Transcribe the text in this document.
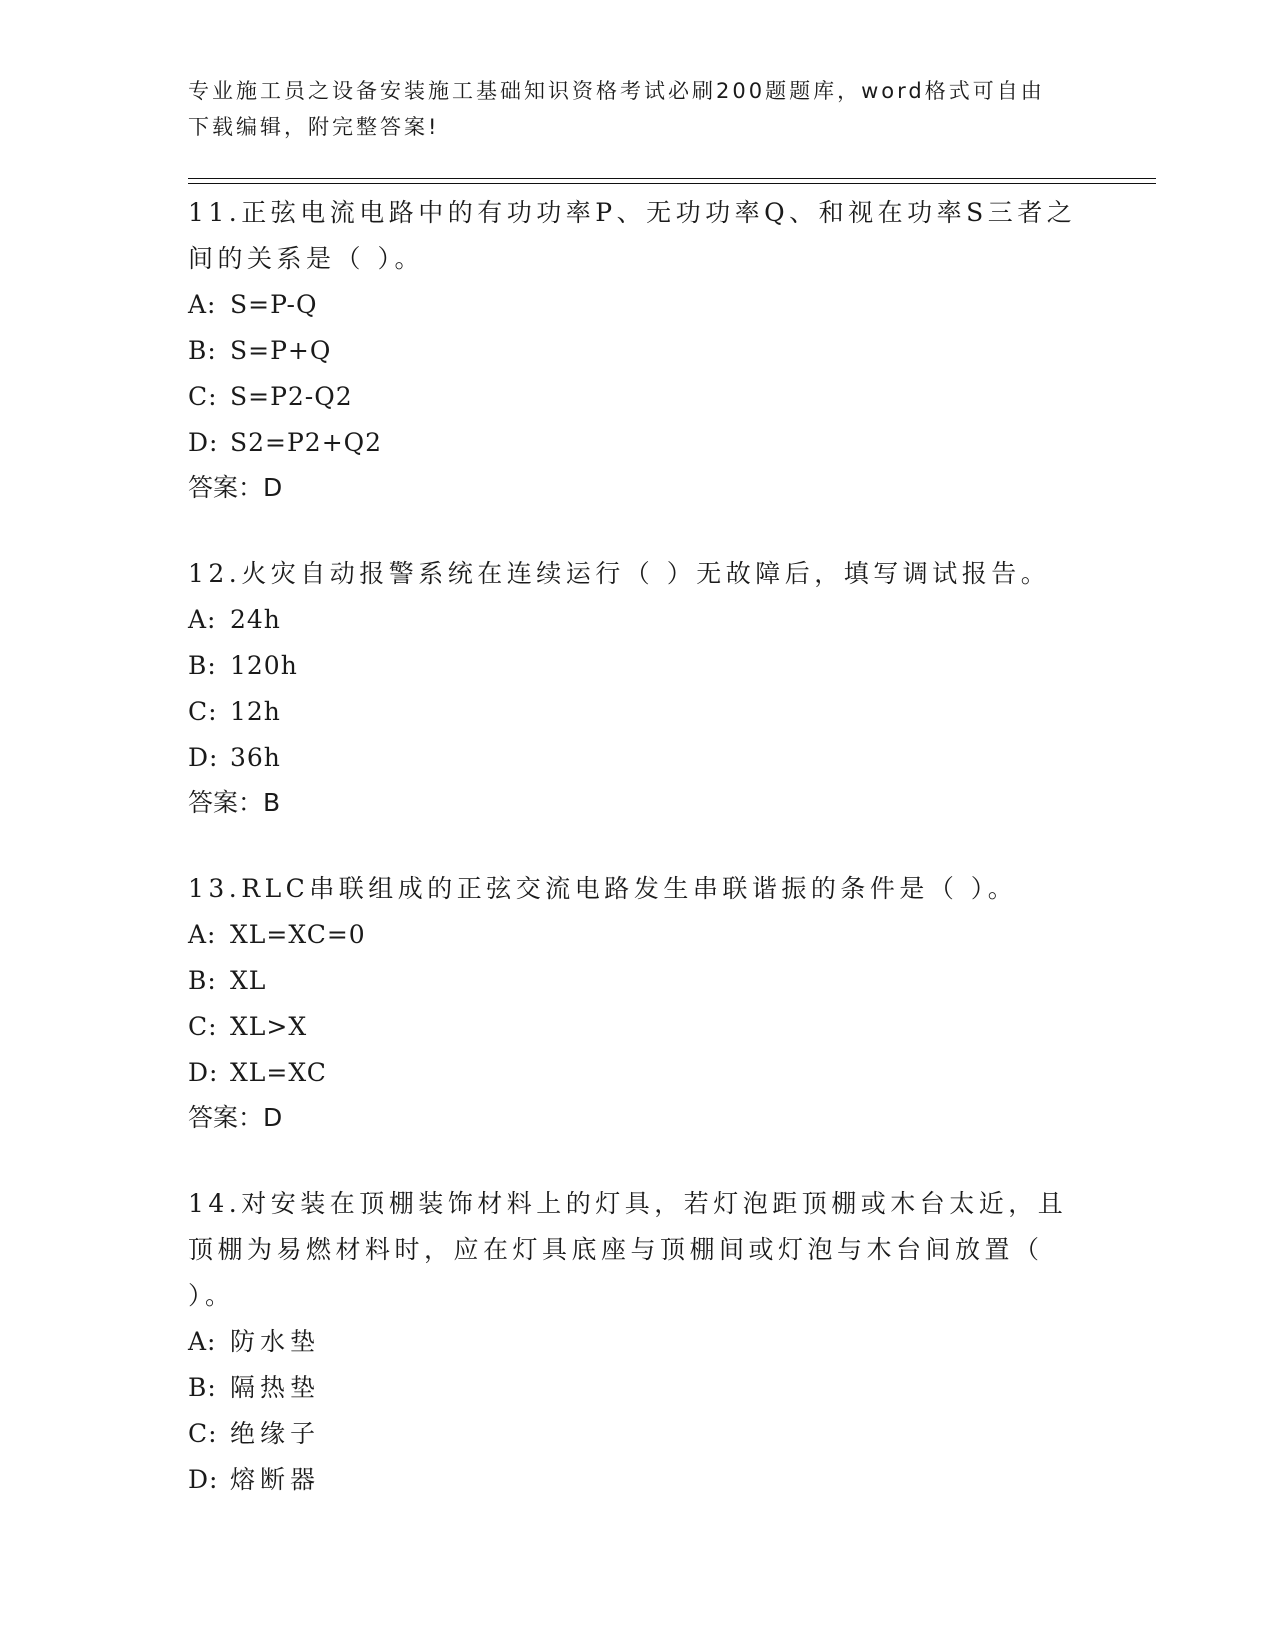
专业施工员之设备安装施工基础知识资格考试必刷200题题库，word格式可自由下载编辑，附完整答案!
11.正弦电流电路中的有功功率P、无功功率Q、和视在功率S三者之间的关系是（ ）。
A: S=P-Q
B: S=P+Q
C: S=P2-Q2
D: S2=P2+Q2
答案：D
12.火灾自动报警系统在连续运行（ ）无故障后，填写调试报告。
A: 24h
B: 120h
C: 12h
D: 36h
答案：B
13.RLC串联组成的正弦交流电路发生串联谐振的条件是（ ）。
A: XL=XC=0
B: XL
C: XL>X
D: XL=XC
答案：D
14.对安装在顶棚装饰材料上的灯具，若灯泡距顶棚或木台太近，且顶棚为易燃材料时，应在灯具底座与顶棚间或灯泡与木台间放置（ ）。
A: 防水垫
B: 隔热垫
C: 绝缘子
D: 熔断器
